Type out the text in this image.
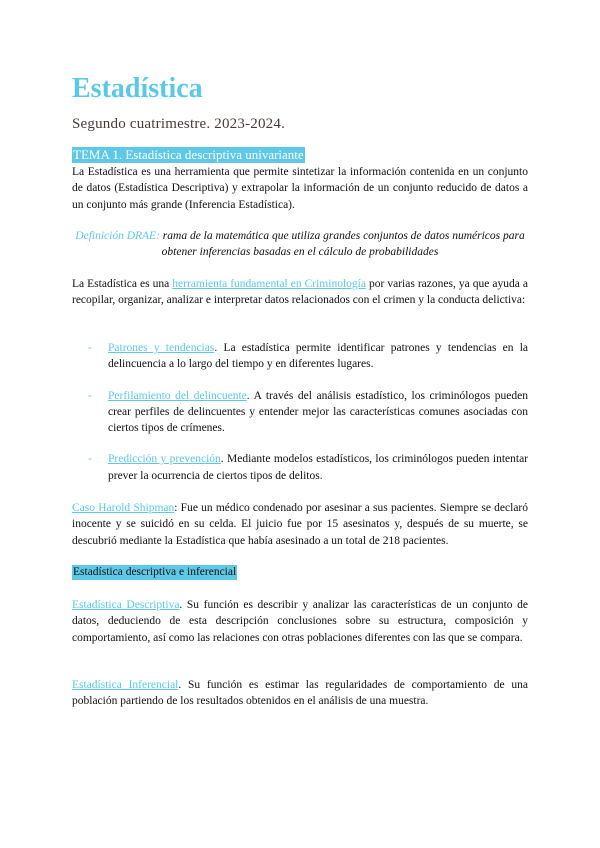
Estadística

Segundo cuatrimestre. 2023-2024.

TEMA 1. Estadística descriptiva univariante

La Estadística es una herramienta que permite sintetizar la información contenida en un conjunto de datos (Estadística Descriptiva) y extrapolar la información de un conjunto reducido de datos a un conjunto más grande (Inferencia Estadística).

Definición DRAE: rama de la matemática que utiliza grandes conjuntos de datos numéricos para obtener inferencias basadas en el cálculo de probabilidades

La Estadística es una herramienta fundamental en Criminología por varias razones, ya que ayuda a recopilar, organizar, analizar e interpretar datos relacionados con el crimen y la conducta delictiva:

- Patrones y tendencias. La estadística permite identificar patrones y tendencias en la delincuencia a lo largo del tiempo y en diferentes lugares.
- Perfilamiento del delincuente. A través del análisis estadístico, los criminólogos pueden crear perfiles de delincuentes y entender mejor las características comunes asociadas con ciertos tipos de crímenes.
- Predicción y prevención. Mediante modelos estadísticos, los criminólogos pueden intentar prever la ocurrencia de ciertos tipos de delitos.

Caso Harold Shipman: Fue un médico condenado por asesinar a sus pacientes. Siempre se declaró inocente y se suicidó en su celda. El juicio fue por 15 asesinatos y, después de su muerte, se descubrió mediante la Estadística que había asesinado a un total de 218 pacientes.

Estadística descriptiva e inferencial

Estadística Descriptiva. Su función es describir y analizar las características de un conjunto de datos, deduciendo de esta descripción conclusiones sobre su estructura, composición y comportamiento, así como las relaciones con otras poblaciones diferentes con las que se compara.

Estadística Inferencial. Su función es estimar las regularidades de comportamiento de una población partiendo de los resultados obtenidos en el análisis de una muestra.
